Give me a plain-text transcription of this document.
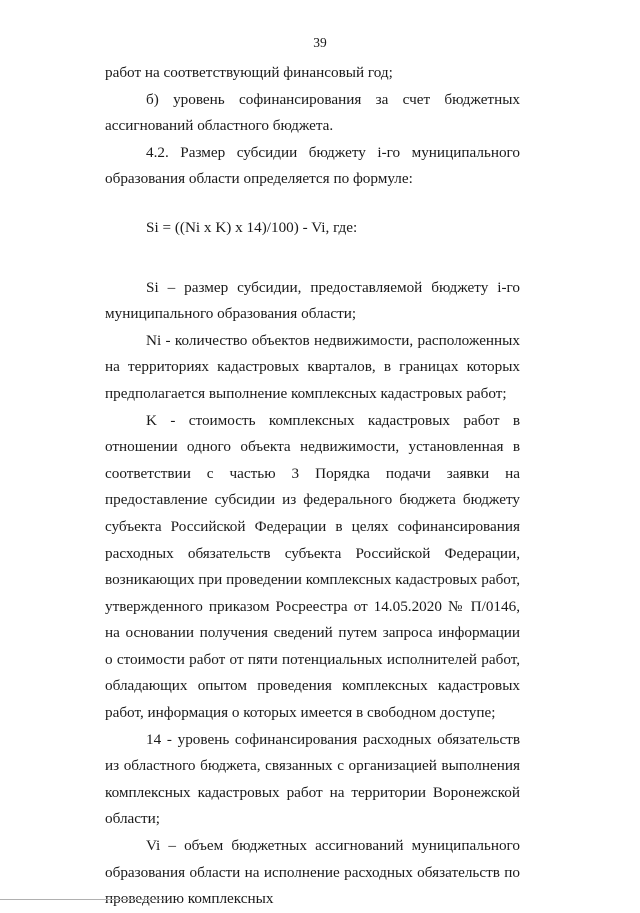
39

работ на соответствующий финансовый год;

б) уровень софинансирования за счет бюджетных ассигнований областного бюджета.

4.2. Размер субсидии бюджету i-го муниципального образования области определяется по формуле:

Si = ((Ni x K) x 14)/100) - Vi, где:

Si – размер субсидии, предоставляемой бюджету i-го муниципального образования области;

Ni - количество объектов недвижимости, расположенных на территориях кадастровых кварталов, в границах которых предполагается выполнение комплексных кадастровых работ;

K - стоимость комплексных кадастровых работ в отношении одного объекта недвижимости, установленная в соответствии с частью 3 Порядка подачи заявки на предоставление субсидии из федерального бюджета бюджету субъекта Российской Федерации в целях софинансирования расходных обязательств субъекта Российской Федерации, возникающих при проведении комплексных кадастровых работ, утвержденного приказом Росреестра от 14.05.2020 № П/0146, на основании получения сведений путем запроса информации о стоимости работ от пяти потенциальных исполнителей работ, обладающих опытом проведения комплексных кадастровых работ, информация о которых имеется в свободном доступе;

14 - уровень софинансирования расходных обязательств из областного бюджета, связанных с организацией выполнения комплексных кадастровых работ на территории Воронежской области;

Vi – объем бюджетных ассигнований муниципального образования области на исполнение расходных обязательств по проведению комплексных
